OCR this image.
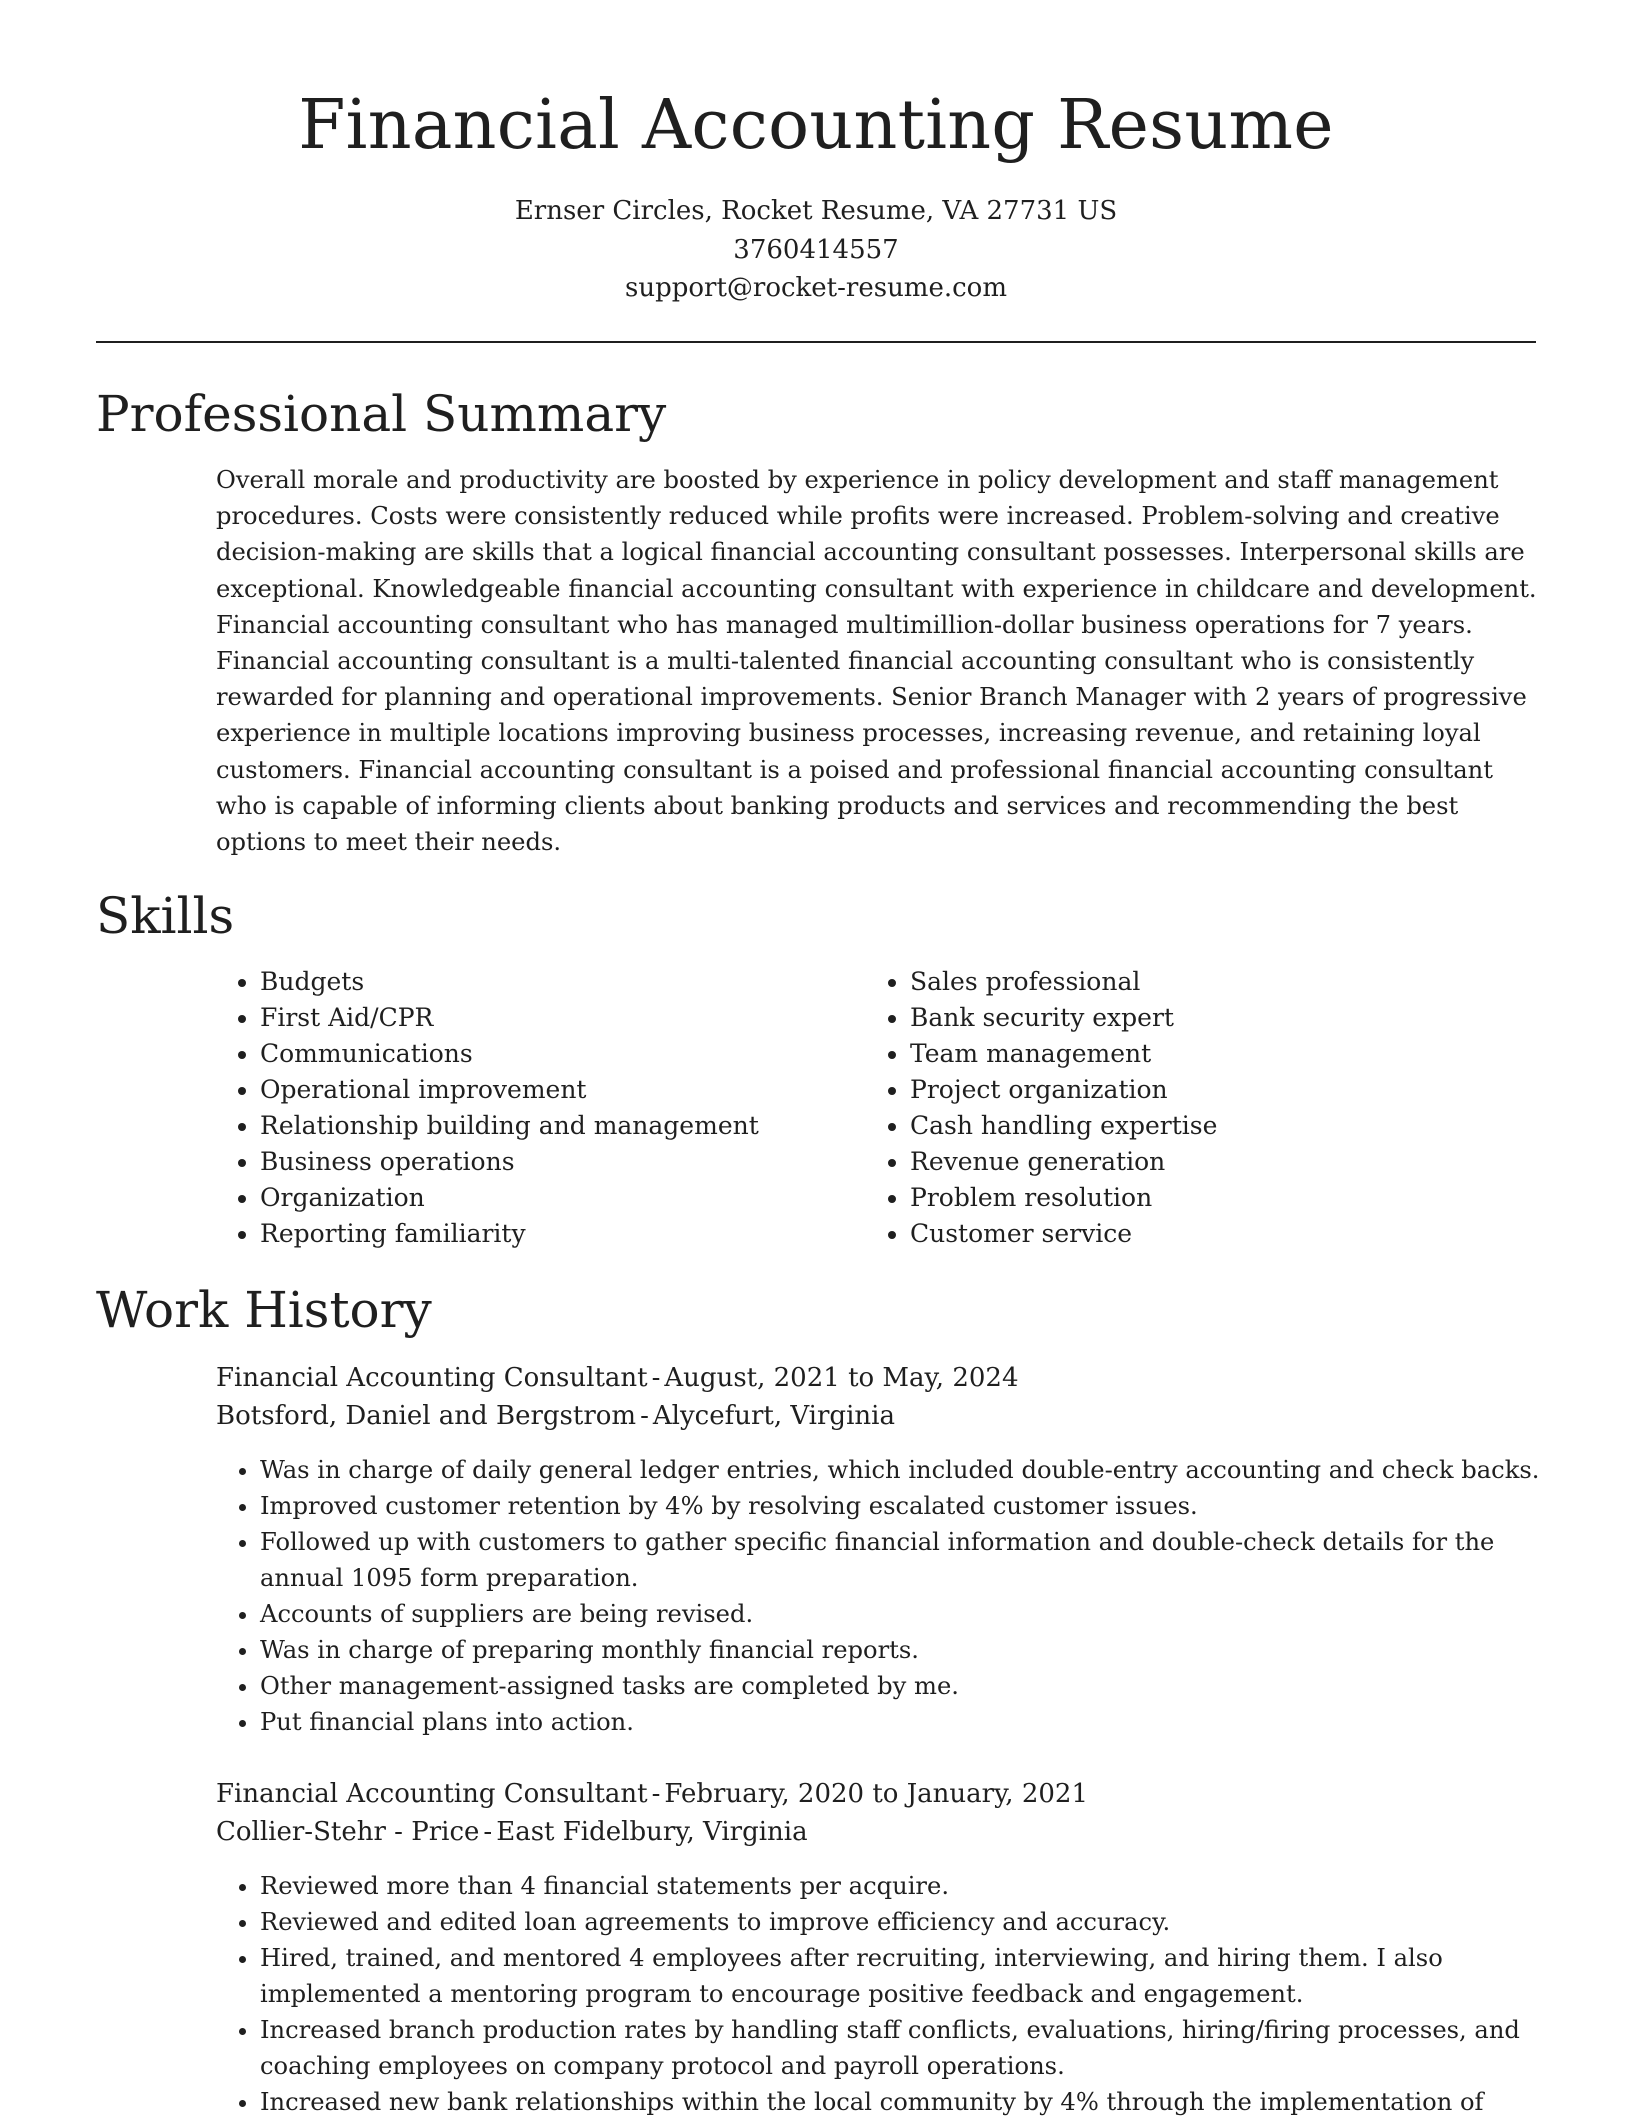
Financial Accounting Resume
Ernser Circles, Rocket Resume, VA 27731 US
3760414557
support@rocket-resume.com
Professional Summary

Overall morale and productivity are boosted by experience in policy development and staff management procedures. Costs were consistently reduced while profits were increased. Problem-solving and creative decision-making are skills that a logical financial accounting consultant possesses. Interpersonal skills are exceptional. Knowledgeable financial accounting consultant with experience in childcare and development. Financial accounting consultant who has managed multimillion-dollar business operations for 7 years. Financial accounting consultant is a multi-talented financial accounting consultant who is consistently rewarded for planning and operational improvements. Senior Branch Manager with 2 years of progressive experience in multiple locations improving business processes, increasing revenue, and retaining loyal customers. Financial accounting consultant is a poised and professional financial accounting consultant who is capable of informing clients about banking products and services and recommending the best options to meet their needs.

Skills
• Budgets
• First Aid/CPR
• Communications
• Operational improvement
• Relationship building and management
• Business operations
• Organization
• Reporting familiarity
• Sales professional
• Bank security expert
• Team management
• Project organization
• Cash handling expertise
• Revenue generation
• Problem resolution
• Customer service
Work History
Financial Accounting Consultant - August, 2021 to May, 2024
Botsford, Daniel and Bergstrom - Alycefurt, Virginia
• Was in charge of daily general ledger entries, which included double-entry accounting and check backs.
• Improved customer retention by 4% by resolving escalated customer issues.
• Followed up with customers to gather specific financial information and double-check details for the annual 1095 form preparation.
• Accounts of suppliers are being revised.
• Was in charge of preparing monthly financial reports.
• Other management-assigned tasks are completed by me.
• Put financial plans into action.
Financial Accounting Consultant - February, 2020 to January, 2021
Collier-Stehr - Price - East Fidelbury, Virginia
• Reviewed more than 4 financial statements per acquire.
• Reviewed and edited loan agreements to improve efficiency and accuracy.
• Hired, trained, and mentored 4 employees after recruiting, interviewing, and hiring them. I also implemented a mentoring program to encourage positive feedback and engagement.
• Increased branch production rates by handling staff conflicts, evaluations, hiring/firing processes, and coaching employees on company protocol and payroll operations.
• Increased new bank relationships within the local community by 4% through the implementation of
